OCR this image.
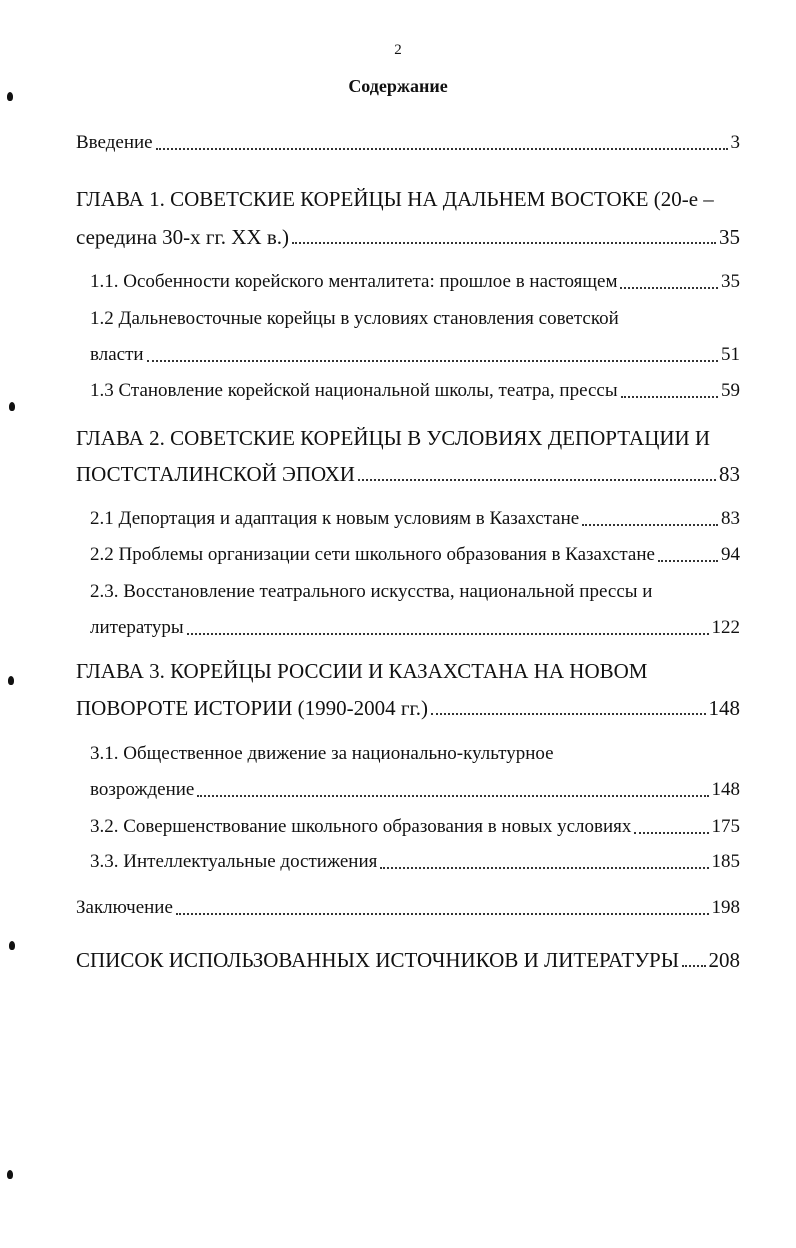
2
Содержание
Введение	3
ГЛАВА 1. СОВЕТСКИЕ КОРЕЙЦЫ НА ДАЛЬНЕМ ВОСТОКЕ (20-е –
середина 30-х гг. XX в.)	35
1.1. Особенности корейского менталитета: прошлое в настоящем	35
1.2 Дальневосточные корейцы в условиях становления советской
власти	51
1.3 Становление корейской национальной школы, театра, прессы	59
ГЛАВА 2. СОВЕТСКИЕ КОРЕЙЦЫ В УСЛОВИЯХ ДЕПОРТАЦИИ И
ПОСТСТАЛИНСКОЙ ЭПОХИ	83
2.1 Депортация и адаптация к новым условиям в Казахстане	83
2.2 Проблемы организации сети школьного образования в Казахстане	94
2.3. Восстановление театрального искусства, национальной прессы и
литературы	122
ГЛАВА 3. КОРЕЙЦЫ РОССИИ И КАЗАХСТАНА НА НОВОМ
ПОВОРОТЕ ИСТОРИИ (1990-2004 гг.)	148
3.1. Общественное движение за национально-культурное
возрождение	148
3.2. Совершенствование школьного образования в новых условиях	175
3.3. Интеллектуальные достижения	185
Заключение	198
СПИСОК ИСПОЛЬЗОВАННЫХ ИСТОЧНИКОВ И ЛИТЕРАТУРЫ 208
